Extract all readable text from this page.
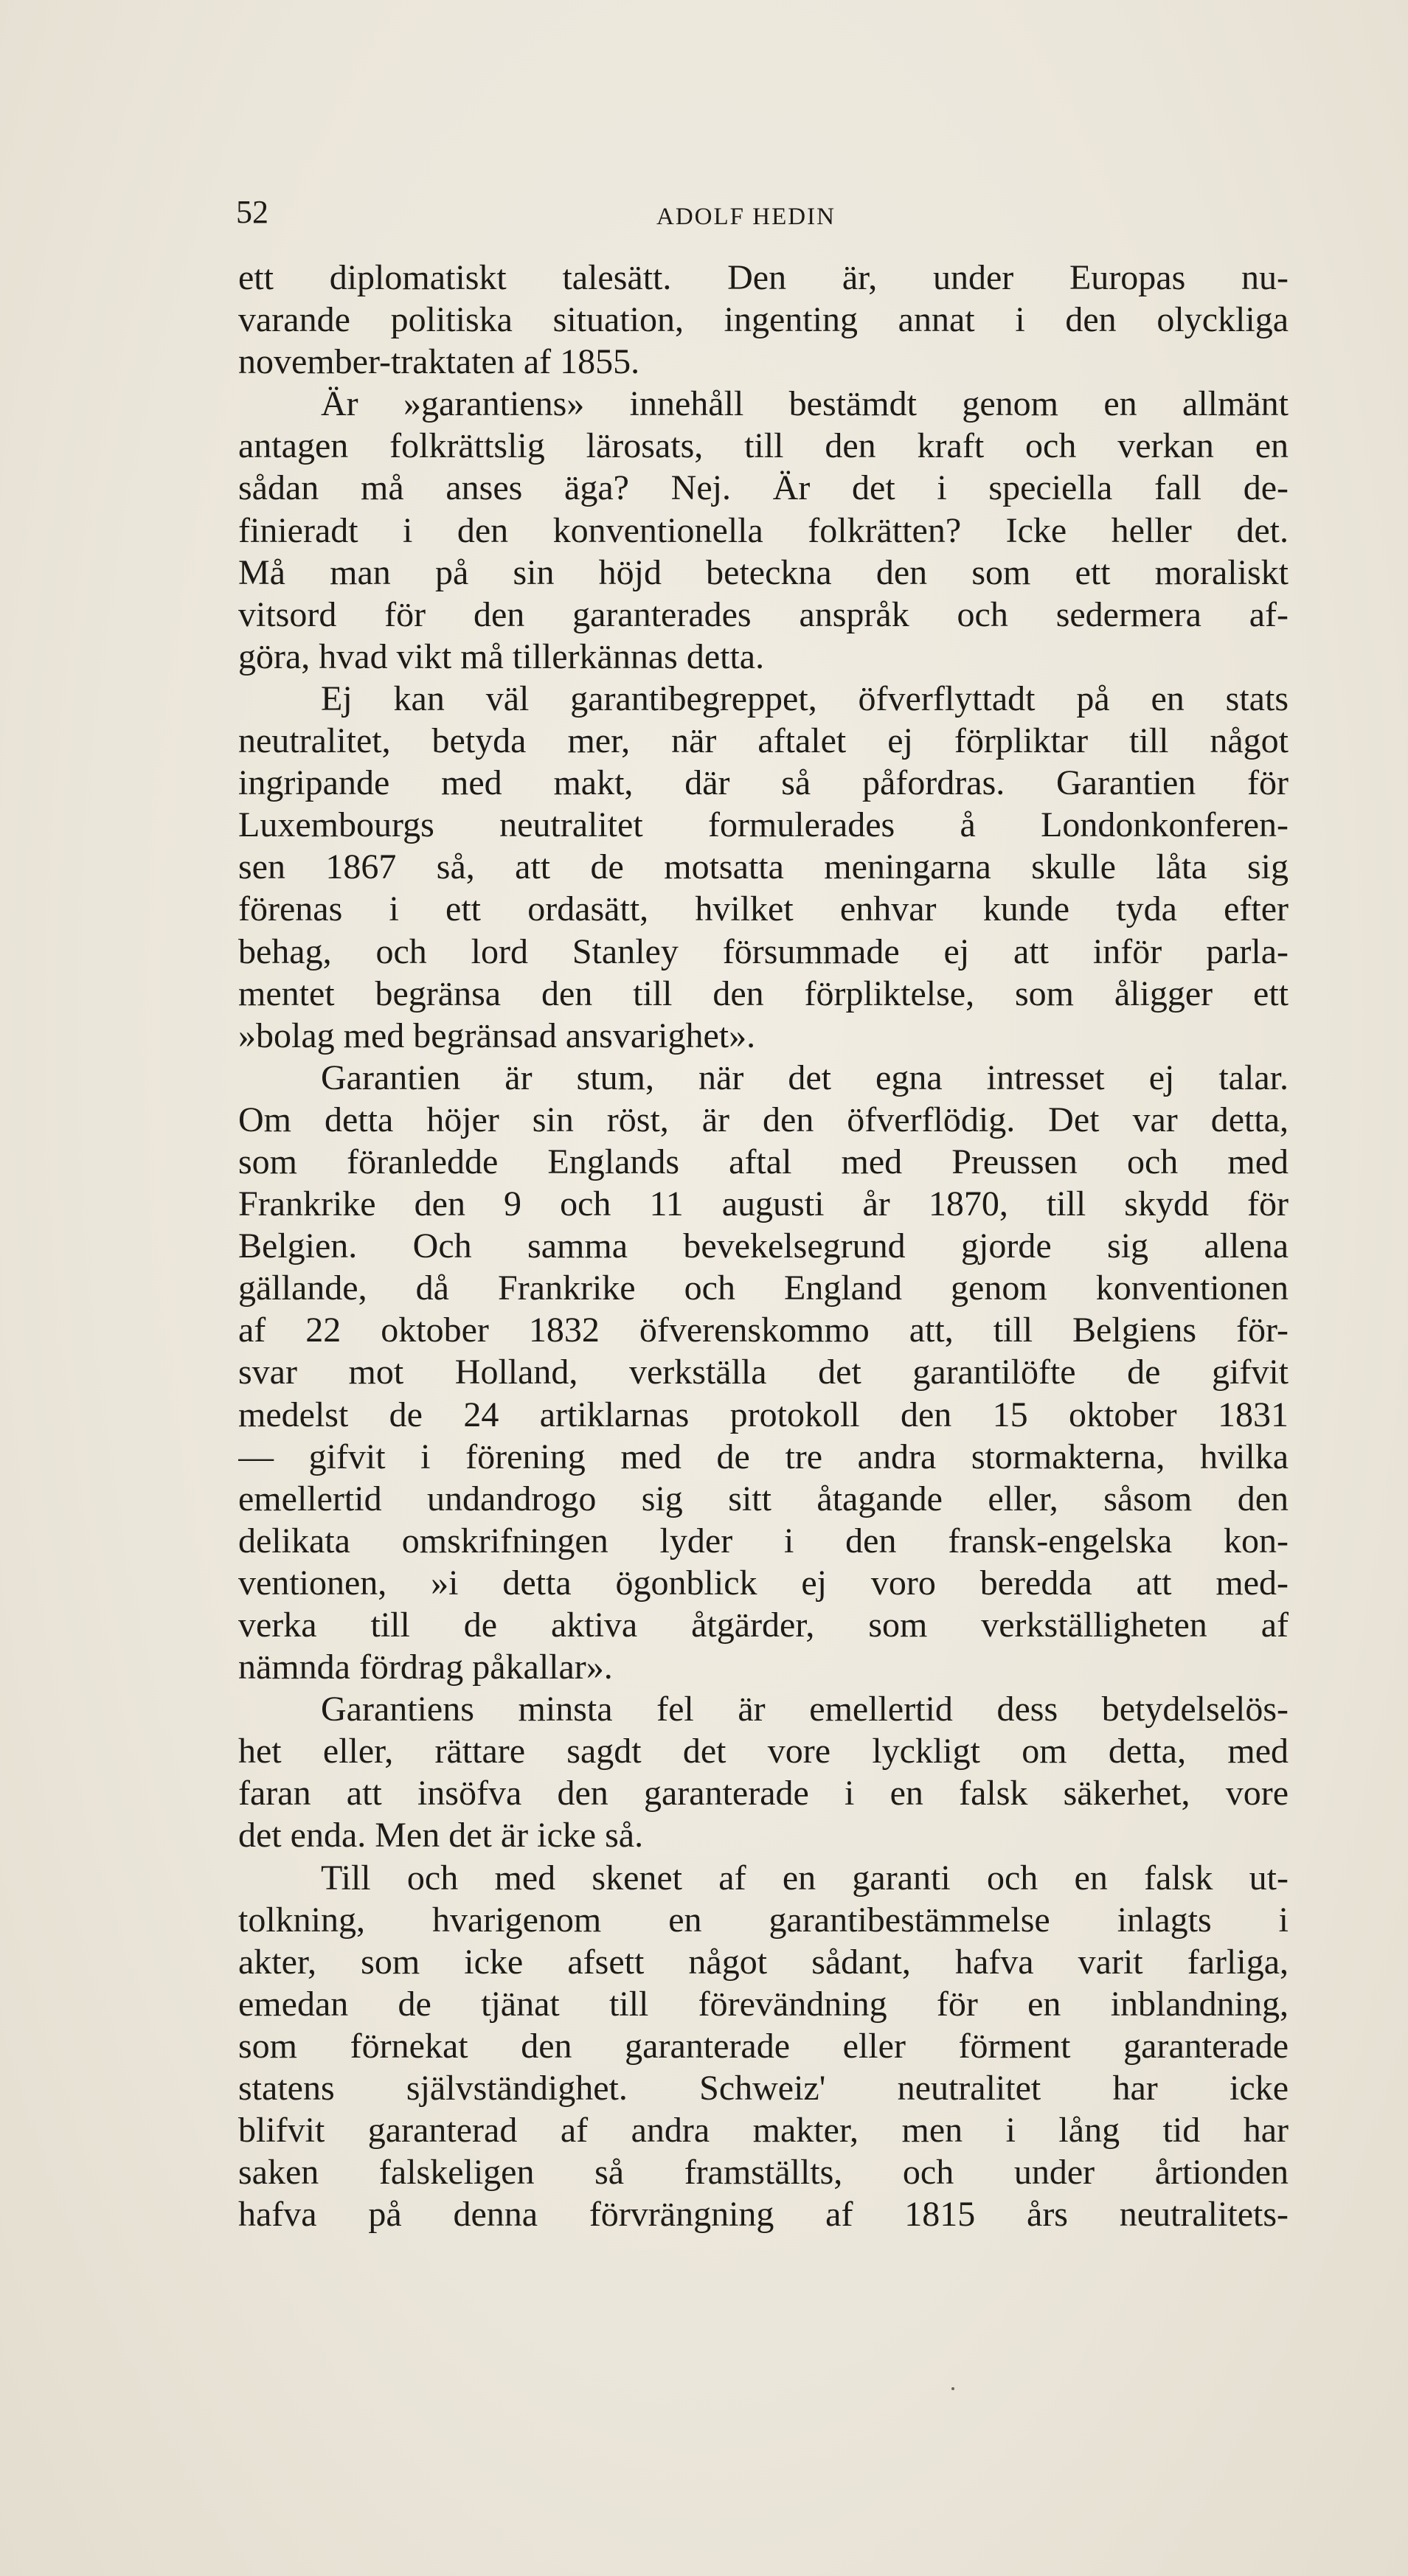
52	ADOLF HEDIN
ett diplomatiskt talesätt. Den är, under Europas nu-
varande politiska situation, ingenting annat i den olyckliga
november-traktaten af 1855.
Är »garantiens» innehåll bestämdt genom en allmänt
antagen folkrättslig lärosats, till den kraft och verkan en
sådan må anses äga? Nej. Är det i speciella fall de-
finieradt i den konventionella folkrätten? Icke heller det.
Må man på sin höjd beteckna den som ett moraliskt
vitsord för den garanterades anspråk och sedermera af-
göra, hvad vikt må tillerkännas detta.
Ej kan väl garantibegreppet, öfverflyttadt på en stats
neutralitet, betyda mer, när aftalet ej förpliktar till något
ingripande med makt, där så påfordras. Garantien för
Luxembourgs neutralitet formulerades å Londonkonferen-
sen 1867 så, att de motsatta meningarna skulle låta sig
förenas i ett ordasätt, hvilket enhvar kunde tyda efter
behag, och lord Stanley försummade ej att inför parla-
mentet begränsa den till den förpliktelse, som åligger ett
»bolag med begränsad ansvarighet».
Garantien är stum, när det egna intresset ej talar.
Om detta höjer sin röst, är den öfverflödig. Det var detta,
som föranledde Englands aftal med Preussen och med
Frankrike den 9 och 11 augusti år 1870, till skydd för
Belgien. Och samma bevekelsegrund gjorde sig allena
gällande, då Frankrike och England genom konventionen
af 22 oktober 1832 öfverenskommo att, till Belgiens för-
svar mot Holland, verkställa det garantilöfte de gifvit
medelst de 24 artiklarnas protokoll den 15 oktober 1831
— gifvit i förening med de tre andra stormakterna, hvilka
emellertid undandrogo sig sitt åtagande eller, såsom den
delikata omskrifningen lyder i den fransk-engelska kon-
ventionen, »i detta ögonblick ej voro beredda att med-
verka till de aktiva åtgärder, som verkställigheten af
nämnda fördrag påkallar».
Garantiens minsta fel är emellertid dess betydelselös-
het eller, rättare sagdt det vore lyckligt om detta, med
faran att insöfva den garanterade i en falsk säkerhet, vore
det enda. Men det är icke så.
Till och med skenet af en garanti och en falsk ut-
tolkning, hvarigenom en garantibestämmelse inlagts i
akter, som icke afsett något sådant, hafva varit farliga,
emedan de tjänat till förevändning för en inblandning,
som förnekat den garanterade eller förment garanterade
statens självständighet. Schweiz' neutralitet har icke
blifvit garanterad af andra makter, men i lång tid har
saken falskeligen så framställts, och under årtionden
hafva på denna förvrängning af 1815 års neutralitets-
